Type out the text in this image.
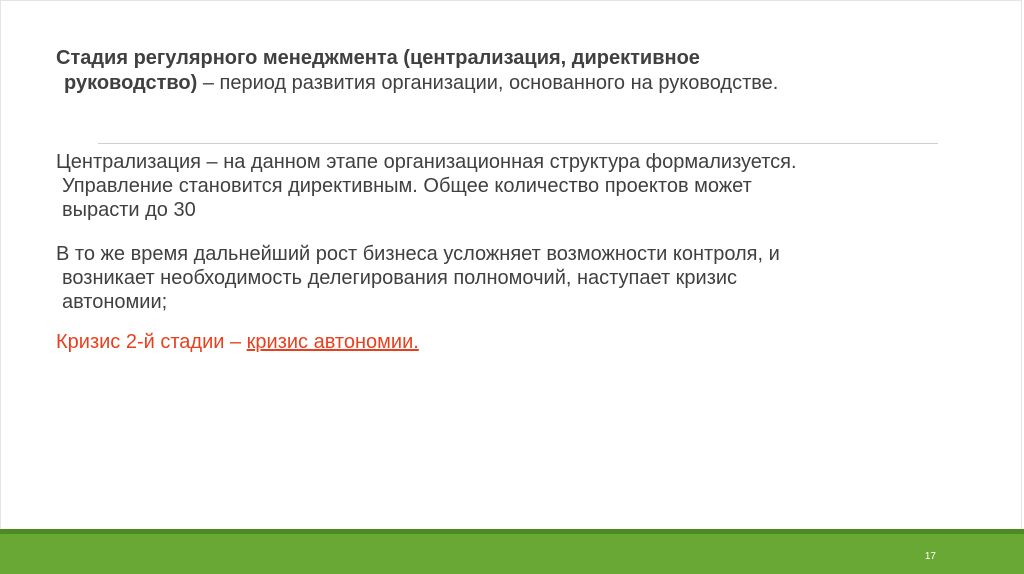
Стадия регулярного менеджмента (централизация, директивное
руководство) – период развития организации, основанного на руководстве.
Централизация – на данном этапе организационная структура формализуется.
Управление становится директивным. Общее количество проектов может
вырасти до 30
В то же время дальнейший рост бизнеса усложняет возможности контроля, и
возникает необходимость делегирования полномочий, наступает кризис
автономии;
Кризис 2-й стадии – кризис автономии.
17
